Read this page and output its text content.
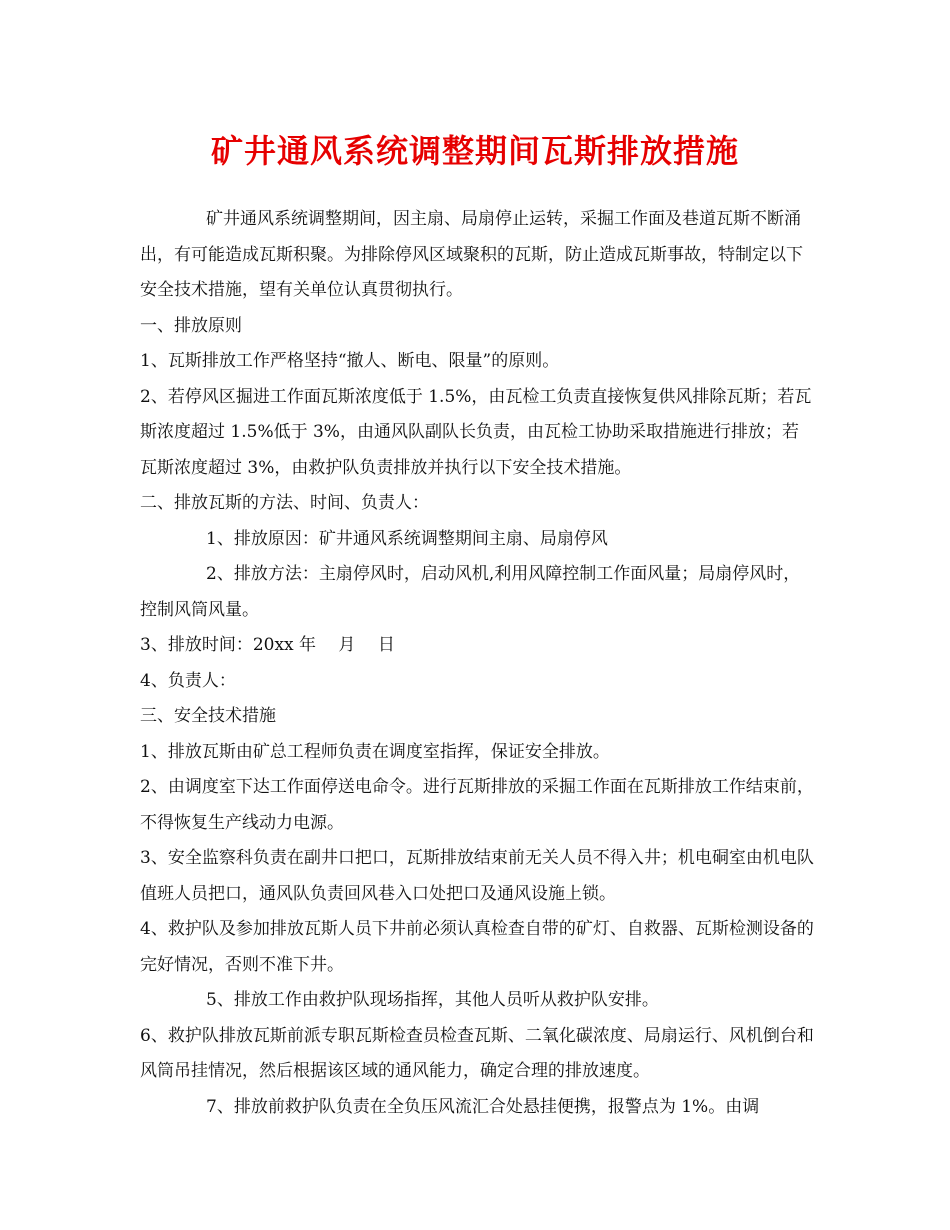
矿井通风系统调整期间瓦斯排放措施

矿井通风系统调整期间，因主扇、局扇停止运转，采掘工作面及巷道瓦斯不断涌出，有可能造成瓦斯积聚。为排除停风区域聚积的瓦斯，防止造成瓦斯事故，特制定以下安全技术措施，望有关单位认真贯彻执行。

一、排放原则

1、瓦斯排放工作严格坚持“撤人、断电、限量”的原则。

2、若停风区掘进工作面瓦斯浓度低于 1.5%，由瓦检工负责直接恢复供风排除瓦斯；若瓦斯浓度超过 1.5%低于 3%，由通风队副队长负责，由瓦检工协助采取措施进行排放；若瓦斯浓度超过 3%，由救护队负责排放并执行以下安全技术措施。

二、排放瓦斯的方法、时间、负责人：

1、排放原因：矿井通风系统调整期间主扇、局扇停风

2、排放方法：主扇停风时，启动风机,利用风障控制工作面风量；局扇停风时，控制风筒风量。

3、排放时间：20xx 年　 月　 日

4、负责人：

三、安全技术措施

1、排放瓦斯由矿总工程师负责在调度室指挥，保证安全排放。

2、由调度室下达工作面停送电命令。进行瓦斯排放的采掘工作面在瓦斯排放工作结束前，不得恢复生产线动力电源。

3、安全监察科负责在副井口把口，瓦斯排放结束前无关人员不得入井；机电硐室由机电队值班人员把口，通风队负责回风巷入口处把口及通风设施上锁。

4、救护队及参加排放瓦斯人员下井前必须认真检查自带的矿灯、自救器、瓦斯检测设备的完好情况，否则不准下井。

5、排放工作由救护队现场指挥，其他人员听从救护队安排。

6、救护队排放瓦斯前派专职瓦斯检查员检查瓦斯、二氧化碳浓度、局扇运行、风机倒台和风筒吊挂情况，然后根据该区域的通风能力，确定合理的排放速度。

7、排放前救护队负责在全负压风流汇合处悬挂便携，报警点为 1%。由调
